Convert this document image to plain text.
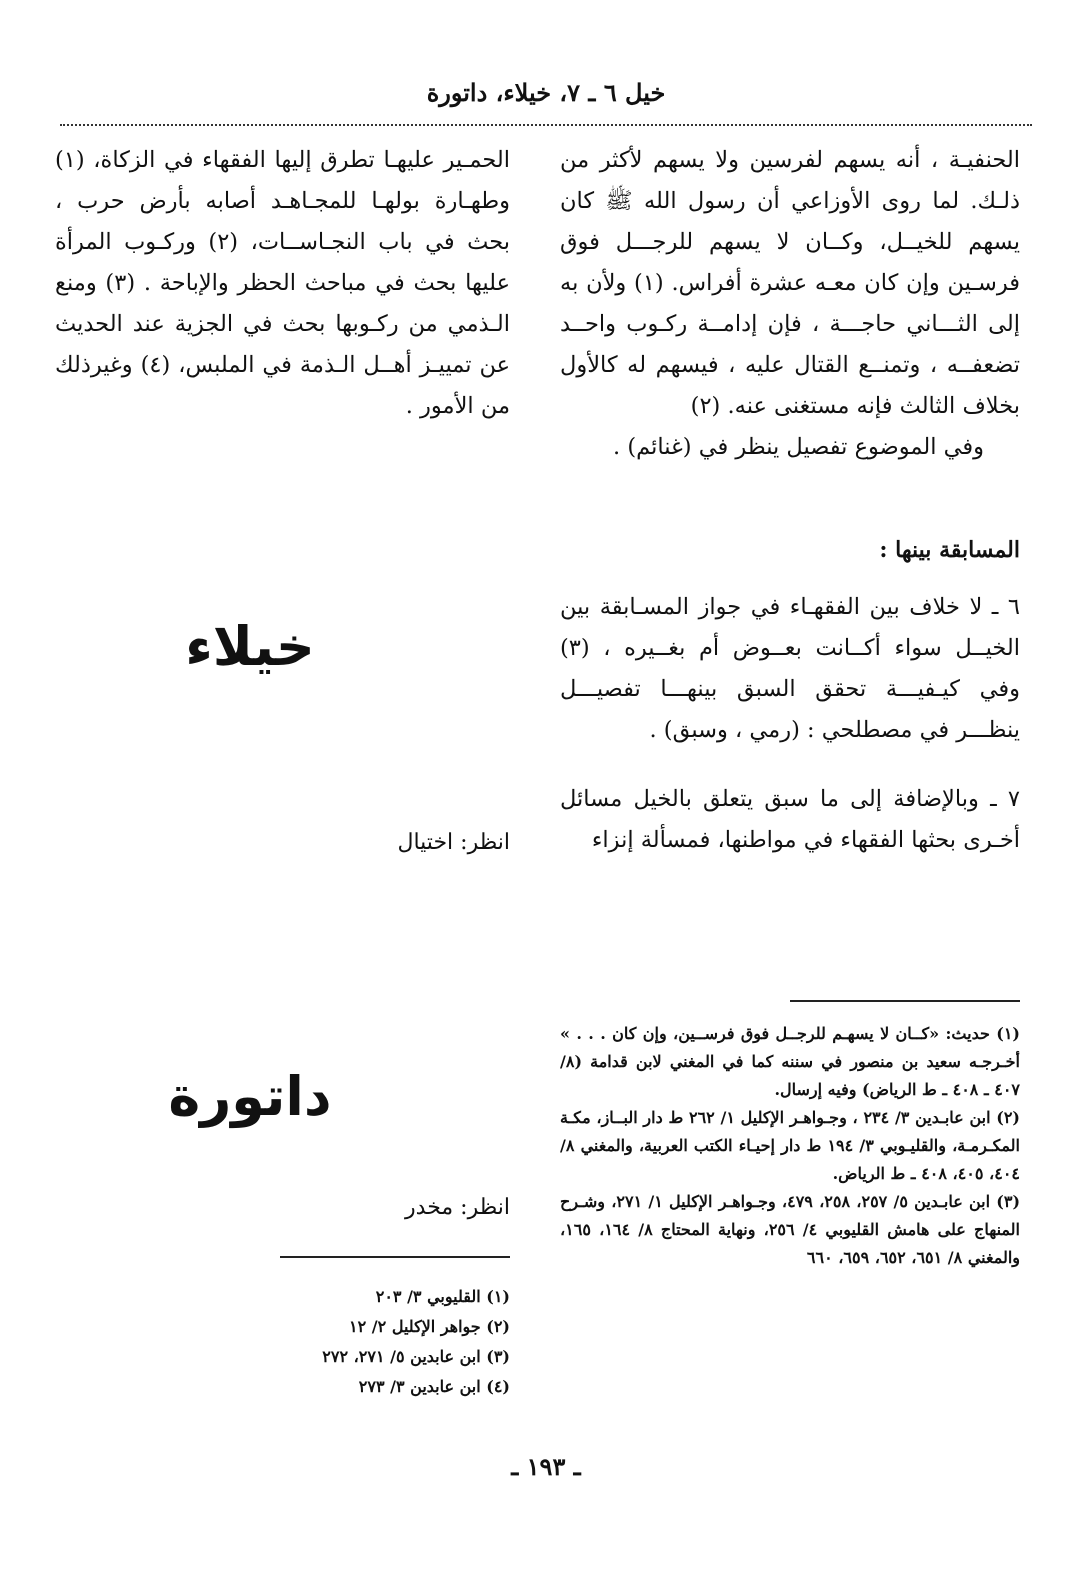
خيل ٦ ـ ٧، خيلاء، داتورة

الحنفيـة ، أنه يسهم لفرسين ولا يسهم لأكثر من ذلـك. لما روى الأوزاعي أن رسول الله ﷺ كان يسهم للخيــل، وكــان لا يسهم للرجـــل فوق فرسـين وإن كان معـه عشرة أفراس. (١) ولأن به إلى الثـــاني حاجـــة ، فإن إدامــة ركـوب واحــد تضعفــه ، وتمنــع القتال عليه ، فيسهم له كالأول بخلاف الثالث فإنه مستغنى عنه. (٢)

وفي الموضوع تفصيل ينظر في (غنائم) .

المسابقة بينها :

٦ ـ لا خلاف بين الفقهـاء في جواز المسـابقة بين الخيــل سواء أكــانت بعــوض أم بغــيره ، (٣) وفي كيـفيـــة تحقق السبق بينهـــا تفصيـــل ينظـــر في مصطلحي : (رمي ، وسبق) .

٧ ـ وبالإضافة إلى ما سبق يتعلق بالخيل مسائل أخـرى بحثها الفقهاء في مواطنها، فمسألة إنزاء

الحمـير عليهـا تطرق إليها الفقهاء في الزكاة، (١) وطهـارة بولهـا للمجـاهـد أصابه بأرض حرب ، بحث في باب النجـاســات، (٢) وركـوب المرأة عليها بحث في مباحث الحظر والإباحة . (٣) ومنع الـذمي من ركـوبها بحث في الجزية عند الحديث عن تمييـز أهــل الـذمة في الملبس، (٤) وغيرذلك من الأمور .

خيلاء
انظر: اختيال
داتورة
انظر: مخدر

(١) حديث: «كــان لا يسهـم للرجــل فوق فرســين، وإن كان . . . » أخـرجـه سعيد بن منصور في سننه كما في المغني لابن قدامة (٨/ ٤٠٧ ـ ٤٠٨ ـ ط الرياض) وفيه إرسال.

(٢) ابن عابـدين ٣/ ٢٣٤ ، وجـواهـر الإكليل ١/ ٢٦٢ ط دار البــاز، مكـة المكـرمـة، والقليـوبي ٣/ ١٩٤ ط دار إحيـاء الكتب العربية، والمغني ٨/ ٤٠٤، ٤٠٥، ٤٠٨ ـ ط الرياض.

(٣) ابن عابـدين ٥/ ٢٥٧، ٢٥٨، ٤٧٩، وجـواهـر الإكليل ١/ ٢٧١، وشـرح المنهاج على هامش القليوبي ٤/ ٢٥٦، ونهاية المحتاج ٨/ ١٦٤، ١٦٥، والمغني ٨/ ٦٥١، ٦٥٢، ٦٥٩، ٦٦٠

(١) القليوبي ٣/ ٢٠٣

(٢) جواهر الإكليل ٢/ ١٢

(٣) ابن عابدين ٥/ ٢٧١، ٢٧٢

(٤) ابن عابدين ٣/ ٢٧٣

ـ ١٩٣ ـ
